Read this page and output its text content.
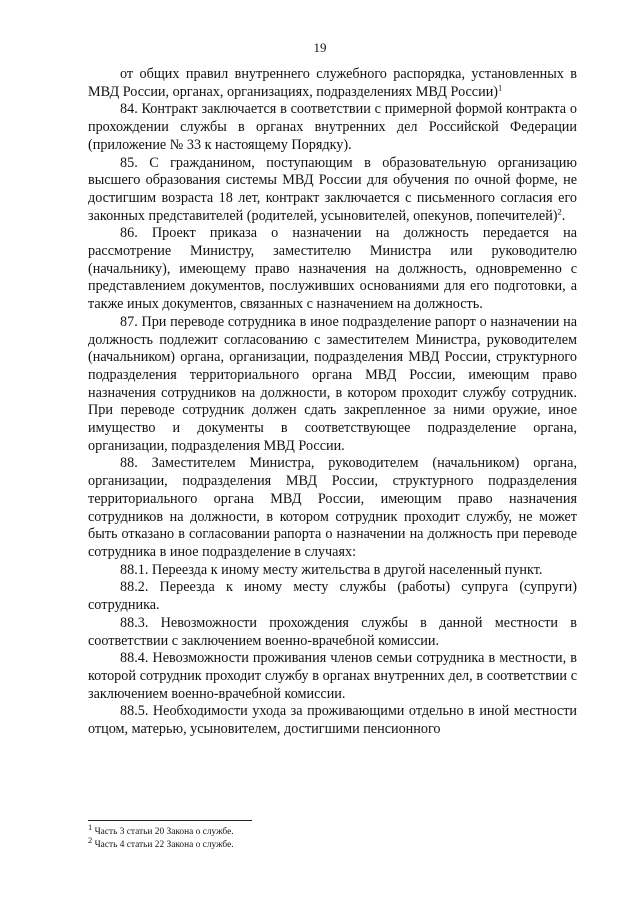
19

от общих правил внутреннего служебного распорядка, установленных в МВД России, органах, организациях, подразделениях МВД России)$^1$

84. Контракт заключается в соответствии с примерной формой контракта о прохождении службы в органах внутренних дел Российской Федерации (приложение № 33 к настоящему Порядку).

85. С гражданином, поступающим в образовательную организацию высшего образования системы МВД России для обучения по очной форме, не достигшим возраста 18 лет, контракт заключается с письменного согласия его законных представителей (родителей, усыновителей, опекунов, попечителей)$^2$.

86. Проект приказа о назначении на должность передается на рассмотрение Министру, заместителю Министра или руководителю (начальнику), имеющему право назначения на должность, одновременно с представлением документов, послуживших основаниями для его подготовки, а также иных документов, связанных с назначением на должность.

87. При переводе сотрудника в иное подразделение рапорт о назначении на должность подлежит согласованию с заместителем Министра, руководителем (начальником) органа, организации, подразделения МВД России, структурного подразделения территориального органа МВД России, имеющим право назначения сотрудников на должности, в котором проходит службу сотрудник. При переводе сотрудник должен сдать закрепленное за ними оружие, иное имущество и документы в соответствующее подразделение органа, организации, подразделения МВД России.

88. Заместителем Министра, руководителем (начальником) органа, организации, подразделения МВД России, структурного подразделения территориального органа МВД России, имеющим право назначения сотрудников на должности, в котором сотрудник проходит службу, не может быть отказано в согласовании рапорта о назначении на должность при переводе сотрудника в иное подразделение в случаях:

88.1. Переезда к иному месту жительства в другой населенный пункт.

88.2. Переезда к иному месту службы (работы) супруга (супруги) сотрудника.

88.3. Невозможности прохождения службы в данной местности в соответствии с заключением военно-врачебной комиссии.

88.4. Невозможности проживания членов семьи сотрудника в местности, в которой сотрудник проходит службу в органах внутренних дел, в соответствии с заключением военно-врачебной комиссии.

88.5. Необходимости ухода за проживающими отдельно в иной местности отцом, матерью, усыновителем, достигшими пенсионного

$^1$ Часть 3 статьи 20 Закона о службе.

$^2$ Часть 4 статьи 22 Закона о службе.
